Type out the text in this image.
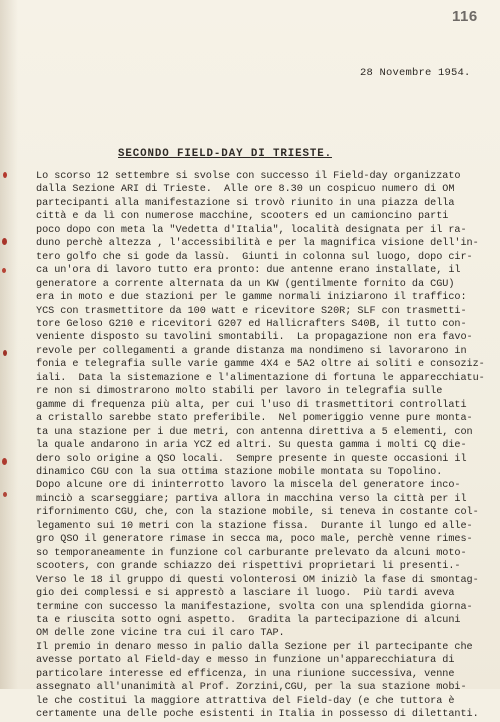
116
28 Novembre 1954.
SECONDO FIELD-DAY DI TRIESTE.
Lo scorso 12 settembre si svolse con successo il Field-day organizzato
dalla Sezione ARI di Trieste.  Alle ore 8.30 un cospicuo numero di OM
partecipanti alla manifestazione si trovò riunito in una piazza della
città e da lì con numerose macchine, scooters ed un camioncino parti
poco dopo con meta la "Vedetta d'Italia", località designata per il ra-
duno perchè altezza , l'accessibilità e per la magnifica visione dell'in-
tero golfo che si gode da lassù.  Giunti in colonna sul luogo, dopo cir-
ca un'ora di lavoro tutto era pronto: due antenne erano installate, il
generatore a corrente alternata da un KW (gentilmente fornito da CGU)
era in moto e due stazioni per le gamme normali iniziarono il traffico:
YCS con trasmettitore da 100 watt e ricevitore S20R; SLF con trasmetti-
tore Geloso G210 e ricevitori G207 ed Hallicrafters S40B, il tutto con-
veniente disposto su tavolini smontabili.  La propagazione non era favo-
revole per collegamenti a grande distanza ma nondimeno si lavorarono in
fonia e telegrafia sulle varie gamme 4X4 e 5A2 oltre ai soliti e consoziz-
iali.  Data la sistemazione e l'alimentazione di fortuna le apparecchiatu-
re non si dimostrarono molto stabili per lavoro in telegrafia sulle
gamme di frequenza più alta, per cui l'uso di trasmettitori controllati
a cristallo sarebbe stato preferibile.  Nel pomeriggio venne pure monta-
ta una stazione per i due metri, con antenna direttiva a 5 elementi, con
la quale andarono in aria YCZ ed altri. Su questa gamma i molti CQ die-
dero solo origine a QSO locali.  Sempre presente in queste occasioni il
dinamico CGU con la sua ottima stazione mobile montata su Topolino.
Dopo alcune ore di ininterrotto lavoro la miscela del generatore inco-
minciò a scarseggiare; partiva allora in macchina verso la città per il
rifornimento CGU, che, con la stazione mobile, si teneva in costante col-
legamento sui 10 metri con la stazione fissa.  Durante il lungo ed alle-
gro QSO il generatore rimase in secca ma, poco male, perchè venne rimes-
so temporaneamente in funzione col carburante prelevato da alcuni moto-
scooters, con grande schiazzo dei rispettivi proprietari li presenti.-
Verso le 18 il gruppo di questi volonterosi OM iniziò la fase di smontag-
gio dei complessi e si apprestò a lasciare il luogo.  Più tardi aveva
termine con successo la manifestazione, svolta con una splendida giorna-
ta e riuscita sotto ogni aspetto.  Gradita la partecipazione di alcuni
OM delle zone vicine tra cui il caro TAP.
Il premio in denaro messo in palio dalla Sezione per il partecipante che
avesse portato al Field-day e messo in funzione un'apparecchiatura di
particolare interesse ed efficenza, in una riunione successiva, venne
assegnato all'unanimità al Prof. Zorzini,CGU, per la sua stazione mobi-
le che costitui la maggiore attrattiva del Field-day (e che tuttora è
certamente una delle poche esistenti in Italia in possesso di dilettanti.
